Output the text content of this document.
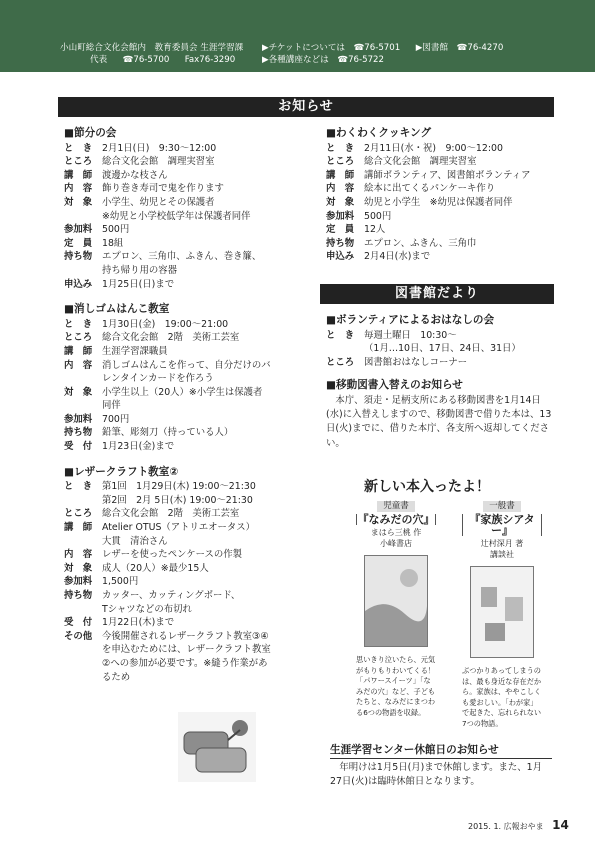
小山町総合文化会館内　教育委員会 生涯学習課
代表 ☎76-5700 Fax76-3290
▶チケットについては　☎76-5701 ▶図書館　☎76-4270
▶各種講座などは　☎76-5722
お知らせ
■節分の会
と　き	2月1日(日)　9:30～12:00
ところ	総合文化会館　調理実習室
講　師	渡邊かな枝さん
内　容	飾り巻き寿司で鬼を作ります
対　象	小学生、幼児とその保護者
※幼児と小学校低学年は保護者同伴
参加料	500円
定　員	18組
持ち物	エプロン、三角巾、ふきん、巻き簾、
持ち帰り用の容器
申込み	1月25日(日)まで
■消しゴムはんこ教室
と　き	1月30日(金)　19:00～21:00
ところ	総合文化会館　2階　美術工芸室
講　師	生涯学習課職員
内　容	消しゴムはんこを作って、自分だけのバ
レンタインカードを作ろう
対　象	小学生以上（20人）※小学生は保護者
同伴
参加料	700円
持ち物	鉛筆、彫刻刀（持っている人）
受　付	1月23日(金)まで
■レザークラフト教室②
と　き	第1回　1月29日(木) 19:00～21:30
第2回　2月 5日(木) 19:00～21:30
ところ	総合文化会館　2階　美術工芸室
講　師	Atelier OTUS（アトリエオータス）
大貫　清治さん
内　容	レザーを使ったペンケースの作製
対　象	成人（20人）※最少15人
参加料	1,500円
持ち物	カッター、カッティングボード、
Tシャツなどの布切れ
受　付	1月22日(木)まで
その他	今後開催されるレザークラフト教室③④
を申込むためには、レザークラフト教室
②への参加が必要です。※縫う作業があ
るため
■わくわくクッキング
と　き	2月11日(水・祝)　9:00～12:00
ところ	総合文化会館　調理実習室
講　師	講師ボランティア、図書館ボランティア
内　容	絵本に出てくるパンケーキ作り
対　象	幼児と小学生　※幼児は保護者同伴
参加料	500円
定　員	12人
持ち物	エプロン、ふきん、三角巾
申込み	2月4日(水)まで
図書館だより
■ボランティアによるおはなしの会
と　き	毎週土曜日　10:30～
（1月…10日、17日、24日、31日）
ところ	図書館おはなしコーナー
■移動図書入替えのお知らせ
本庁、須走・足柄支所にある移動図書を1月14日(水)に入替えしますので、移動図書で借りた本は、13日(火)までに、借りた本庁、各支所へ返却してください。
新しい本入ったよ！
児童書
『なみだの穴』
まはら三桃 作
小峰書店
思いきり泣いたら、元気がもりもりわいてくる！「パワースイーツ」「なみだの穴」など、子どもたちと、なみだにまつわる6つの物語を収録。
一般書
『家族シアター』
辻村深月 著
講談社
ぶつかりあってしまうのは、最も身近な存在だから。家族は、ややこしくも愛おしい。「わが家」で起きた、忘れられない7つの物語。
生涯学習センター休館日のお知らせ
年明けは1月5日(月)まで休館します。また、1月27日(火)は臨時休館日となります。
2015. 1. 広報おやま 14
